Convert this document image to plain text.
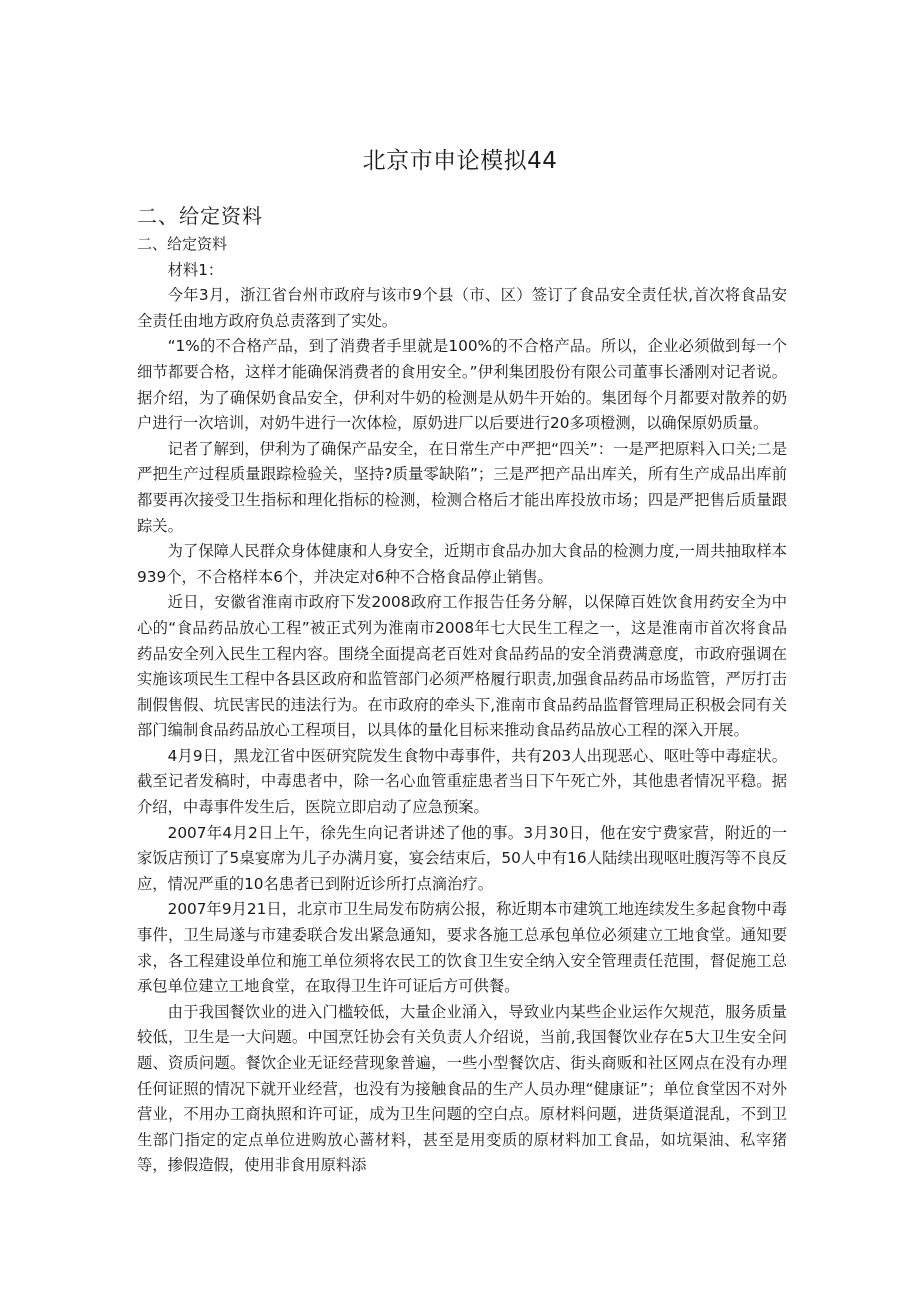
北京市申论模拟44
二、给定资料

二、给定资料

材料1：

今年3月，浙江省台州市政府与该市9个县（市、区）签订了食品安全责任状,首次将食品安全责任由地方政府负总责落到了实处。

“1%的不合格产品，到了消费者手里就是100%的不合格产品。所以，企业必须做到每一个细节都要合格，这样才能确保消费者的食用安全。”伊利集团股份有限公司董事长潘刚对记者说。据介绍，为了确保奶食品安全，伊利对牛奶的检测是从奶牛开始的。集团每个月都要对散养的奶户进行一次培训，对奶牛进行一次体检，原奶进厂以后要进行20多项橙测，以确保原奶质量。

记者了解到，伊利为了确保产品安全，在日常生产中严把“四关”：一是严把原料入口关;二是严把生产过程质量跟踪检验关，坚持?质量零缺陷”；三是严把产品出库关，所有生产成品出库前都要再次接受卫生指标和理化指标的检测，检测合格后才能出库投放市场；四是严把售后质量跟踪关。

为了保障人民群众身体健康和人身安全，近期市食品办加大食品的检测力度,一周共抽取样本939个，不合格样本6个，并决定对6种不合格食品停止销售。

近日，安徽省淮南市政府下发2008政府工作报告任务分解，以保障百姓饮食用药安全为中心的“食品药品放心工程”被正式列为淮南市2008年七大民生工程之一，这是淮南市首次将食品药品安全列入民生工程内容。围绕全面提高老百姓对食品药品的安全消费满意度，市政府强调在实施该项民生工程中各县区政府和监管部门必须严格履行职责,加强食品药品市场监管，严厉打击制假售假、坑民害民的违法行为。在市政府的牵头下,淮南市食品药品监督管理局正积极会同有关部门编制食品药品放心工程项目，以具体的量化目标来推动食品药品放心工程的深入开展。

4月9日，黑龙江省中医研究院发生食物中毒事件，共有203人出现恶心、呕吐等中毒症状。截至记者发稿时，中毒患者中，除一名心血管重症患者当日下午死亡外，其他患者情况平稳。据介绍，中毒事件发生后，医院立即启动了应急预案。

2007年4月2日上午，徐先生向记者讲述了他的事。3月30日，他在安宁费家营，附近的一家饭店预订了5桌宴席为儿子办满月宴，宴会结束后，50人中有16人陆续出现呕吐腹泻等不良反应，情况严重的10名患者已到附近诊所打点滴治疗。

2007年9月21日，北京市卫生局发布防病公报，称近期本市建筑工地连续发生多起食物中毒事件，卫生局遂与市建委联合发出紧急通知，要求各施工总承包单位必须建立工地食堂。通知要求，各工程建设单位和施工单位须将农民工的饮食卫生安全纳入安全管理责任范围，督促施工总承包单位建立工地食堂，在取得卫生许可证后方可供餐。

由于我国餐饮业的进入门槛较低，大量企业涌入，导致业内某些企业运作欠规范，服务质量较低，卫生是一大问题。中国烹饪协会有关负责人介绍说，当前,我国餐饮业存在5大卫生安全问题、资质问题。餐饮企业无证经营现象普遍，一些小型餐饮店、街头商贩和社区网点在没有办理任何证照的情况下就开业经营，也没有为接触食品的生产人员办理“健康证”；单位食堂因不对外营业，不用办工商执照和许可证，成为卫生问题的空白点。原材料问题，进货渠道混乱，不到卫生部门指定的定点单位进购放心蔷材料，甚至是用变质的原材料加工食品，如坑渠油、私宰猪等，掺假造假，使用非食用原料添
